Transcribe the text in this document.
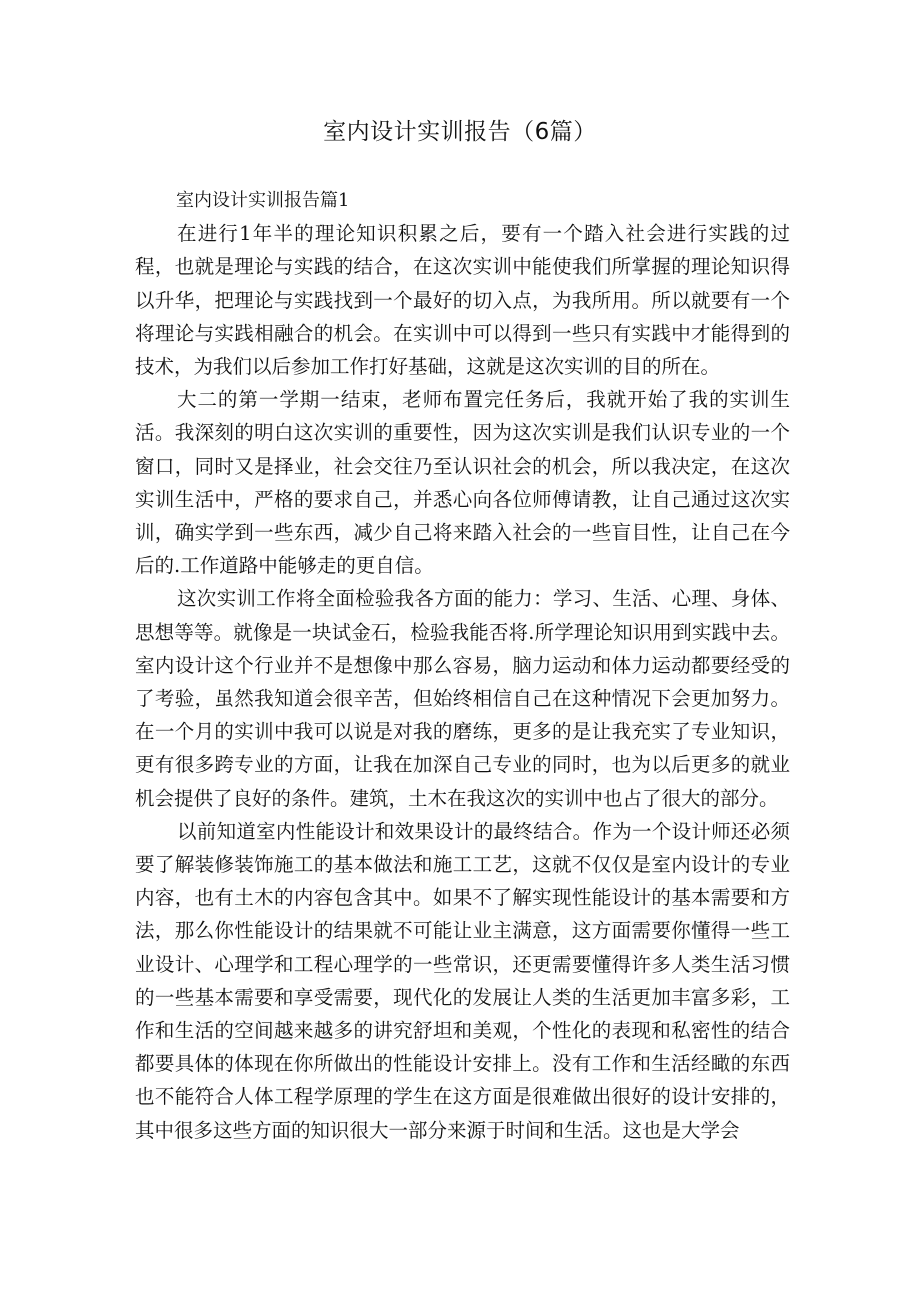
室内设计实训报告（6篇）

室内设计实训报告篇1

在进行1年半的理论知识积累之后，要有一个踏入社会进行实践的过程，也就是理论与实践的结合，在这次实训中能使我们所掌握的理论知识得以升华，把理论与实践找到一个最好的切入点，为我所用。所以就要有一个将理论与实践相融合的机会。在实训中可以得到一些只有实践中才能得到的技术，为我们以后参加工作打好基础，这就是这次实训的目的所在。

大二的第一学期一结束，老师布置完任务后，我就开始了我的实训生活。我深刻的明白这次实训的重要性，因为这次实训是我们认识专业的一个窗口，同时又是择业，社会交往乃至认识社会的机会，所以我决定，在这次实训生活中，严格的要求自己，并悉心向各位师傅请教，让自己通过这次实训，确实学到一些东西，减少自己将来踏入社会的一些盲目性，让自己在今后的.工作道路中能够走的更自信。

这次实训工作将全面检验我各方面的能力：学习、生活、心理、身体、思想等等。就像是一块试金石，检验我能否将.所学理论知识用到实践中去。室内设计这个行业并不是想像中那么容易，脑力运动和体力运动都要经受的了考验，虽然我知道会很辛苦，但始终相信自己在这种情况下会更加努力。在一个月的实训中我可以说是对我的磨练，更多的是让我充实了专业知识，更有很多跨专业的方面，让我在加深自己专业的同时，也为以后更多的就业机会提供了良好的条件。建筑，土木在我这次的实训中也占了很大的部分。

以前知道室内性能设计和效果设计的最终结合。作为一个设计师还必须要了解装修装饰施工的基本做法和施工工艺，这就不仅仅是室内设计的专业内容，也有土木的内容包含其中。如果不了解实现性能设计的基本需要和方法，那么你性能设计的结果就不可能让业主满意，这方面需要你懂得一些工业设计、心理学和工程心理学的一些常识，还更需要懂得许多人类生活习惯的一些基本需要和享受需要，现代化的发展让人类的生活更加丰富多彩，工作和生活的空间越来越多的讲究舒坦和美观，个性化的表现和私密性的结合都要具体的体现在你所做出的性能设计安排上。没有工作和生活经瞰的东西也不能符合人体工程学原理的学生在这方面是很难做出很好的设计安排的，其中很多这些方面的知识很大一部分来源于时间和生活。这也是大学会
